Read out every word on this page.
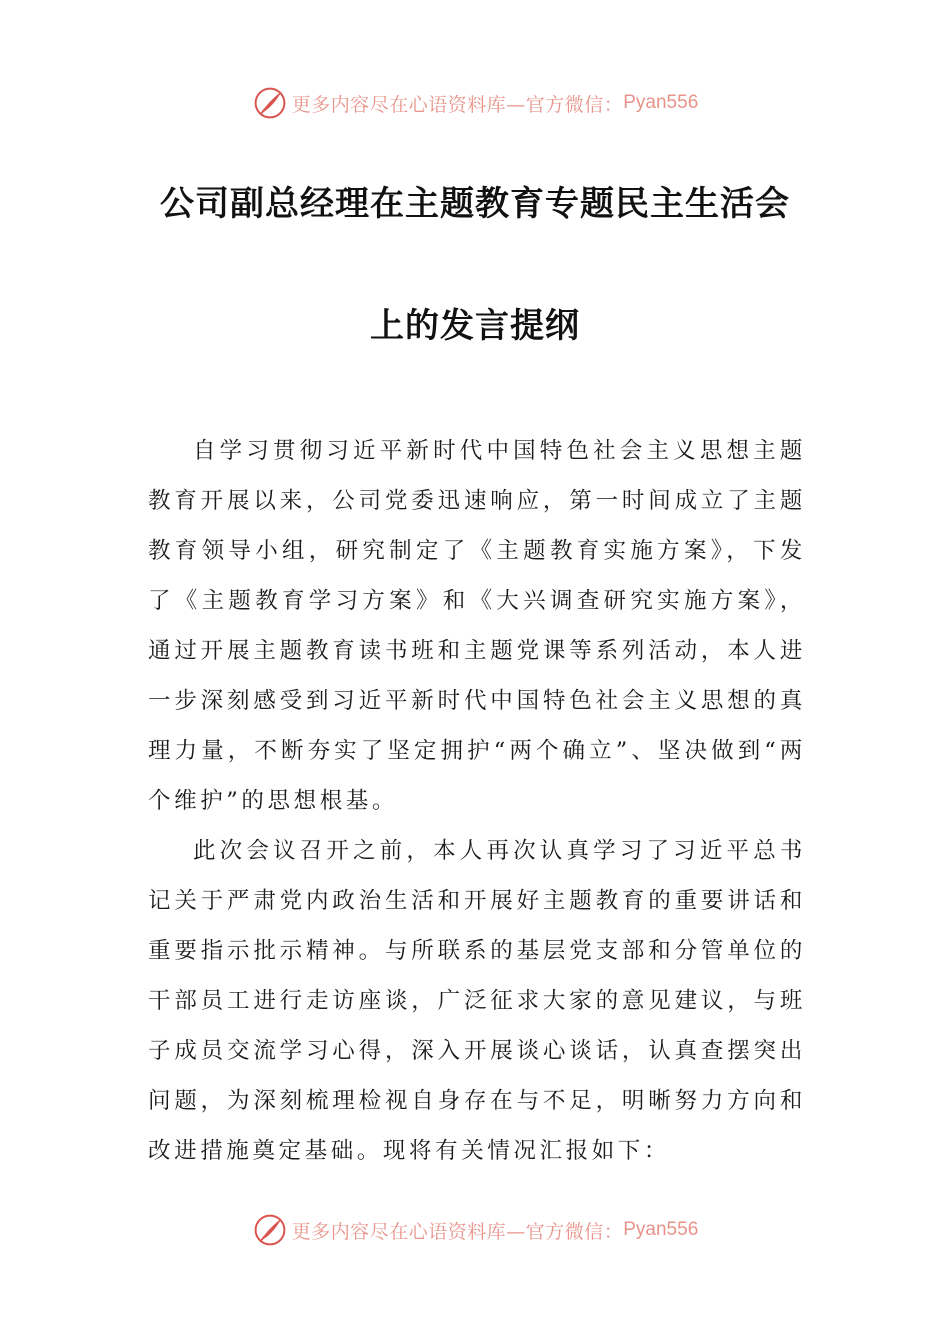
更多内容尽在心语资料库—官方微信： Pyan556
公司副总经理在主题教育专题民主生活会
上的发言提纲

自学习贯彻习近平新时代中国特色社会主义思想主题教育开展以来，公司党委迅速响应，第一时间成立了主题教育领导小组，研究制定了《主题教育实施方案》，下发了《主题教育学习方案》和《大兴调查研究实施方案》，通过开展主题教育读书班和主题党课等系列活动，本人进一步深刻感受到习近平新时代中国特色社会主义思想的真理力量，不断夯实了坚定拥护“两个确立”、坚决做到“两个维护”的思想根基。

此次会议召开之前，本人再次认真学习了习近平总书记关于严肃党内政治生活和开展好主题教育的重要讲话和重要指示批示精神。与所联系的基层党支部和分管单位的干部员工进行走访座谈，广泛征求大家的意见建议，与班子成员交流学习心得，深入开展谈心谈话，认真查摆突出问题，为深刻梳理检视自身存在与不足，明晰努力方向和改进措施奠定基础。现将有关情况汇报如下：

更多内容尽在心语资料库—官方微信： Pyan556
